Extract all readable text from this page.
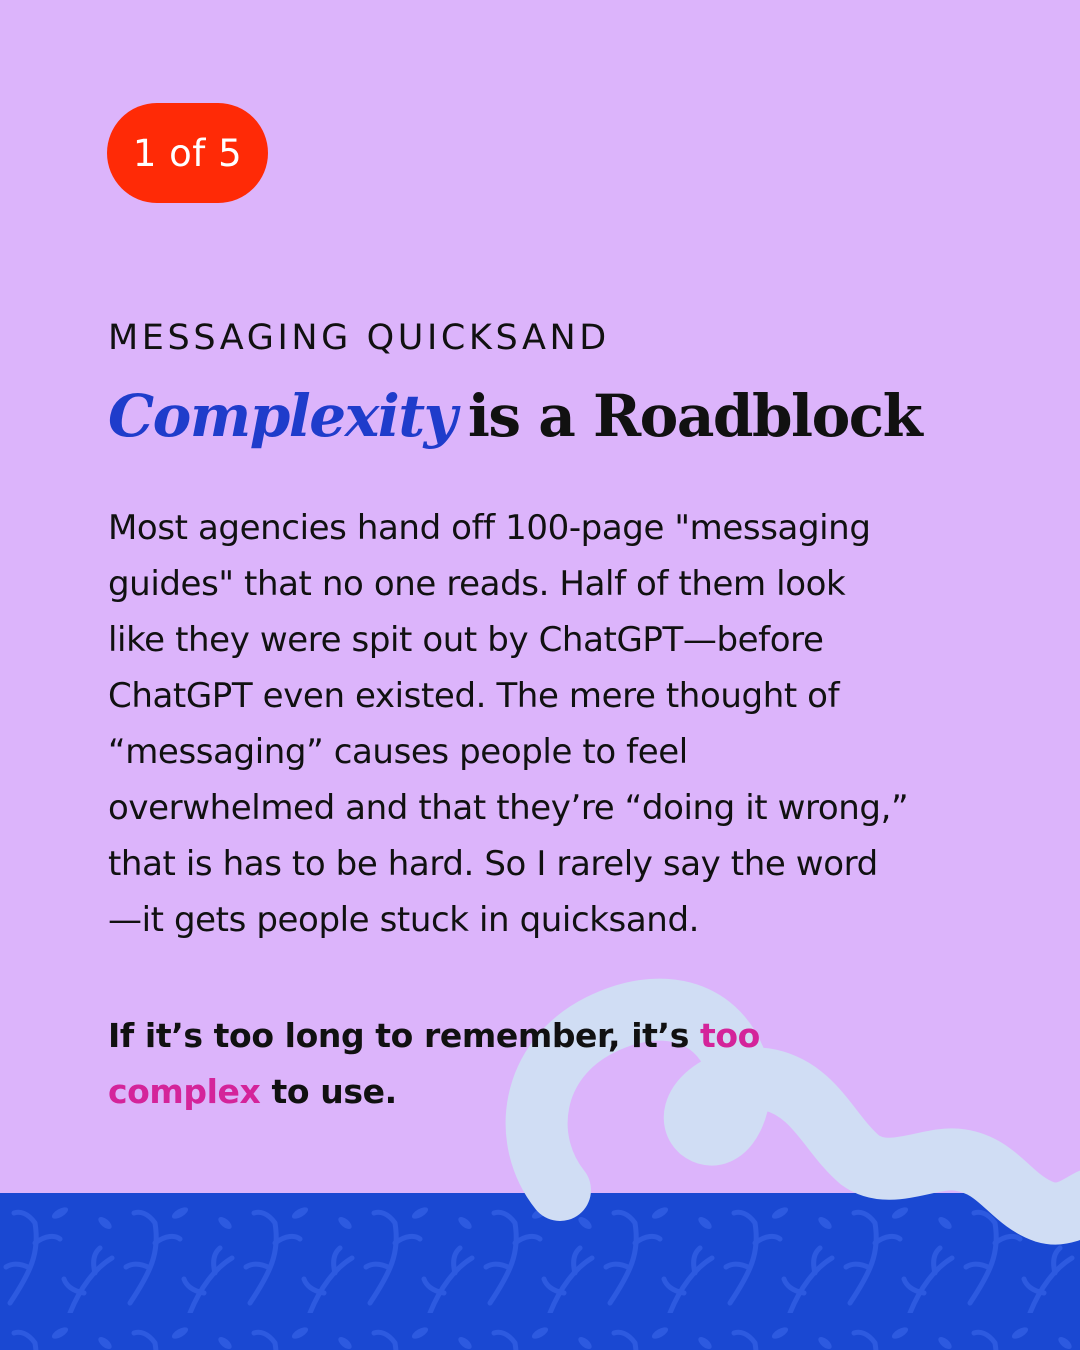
1 of 5
MESSAGING QUICKSAND
Complexity is a Roadblock

Most agencies hand off 100-page "messaging
guides" that no one reads. Half of them look
like they were spit out by ChatGPT—before
ChatGPT even existed. The mere thought of
“messaging” causes people to feel
overwhelmed and that they’re “doing it wrong,”
that is has to be hard. So I rarely say the word
—it gets people stuck in quicksand.

If it’s too long to remember, it’s too
complex to use.
